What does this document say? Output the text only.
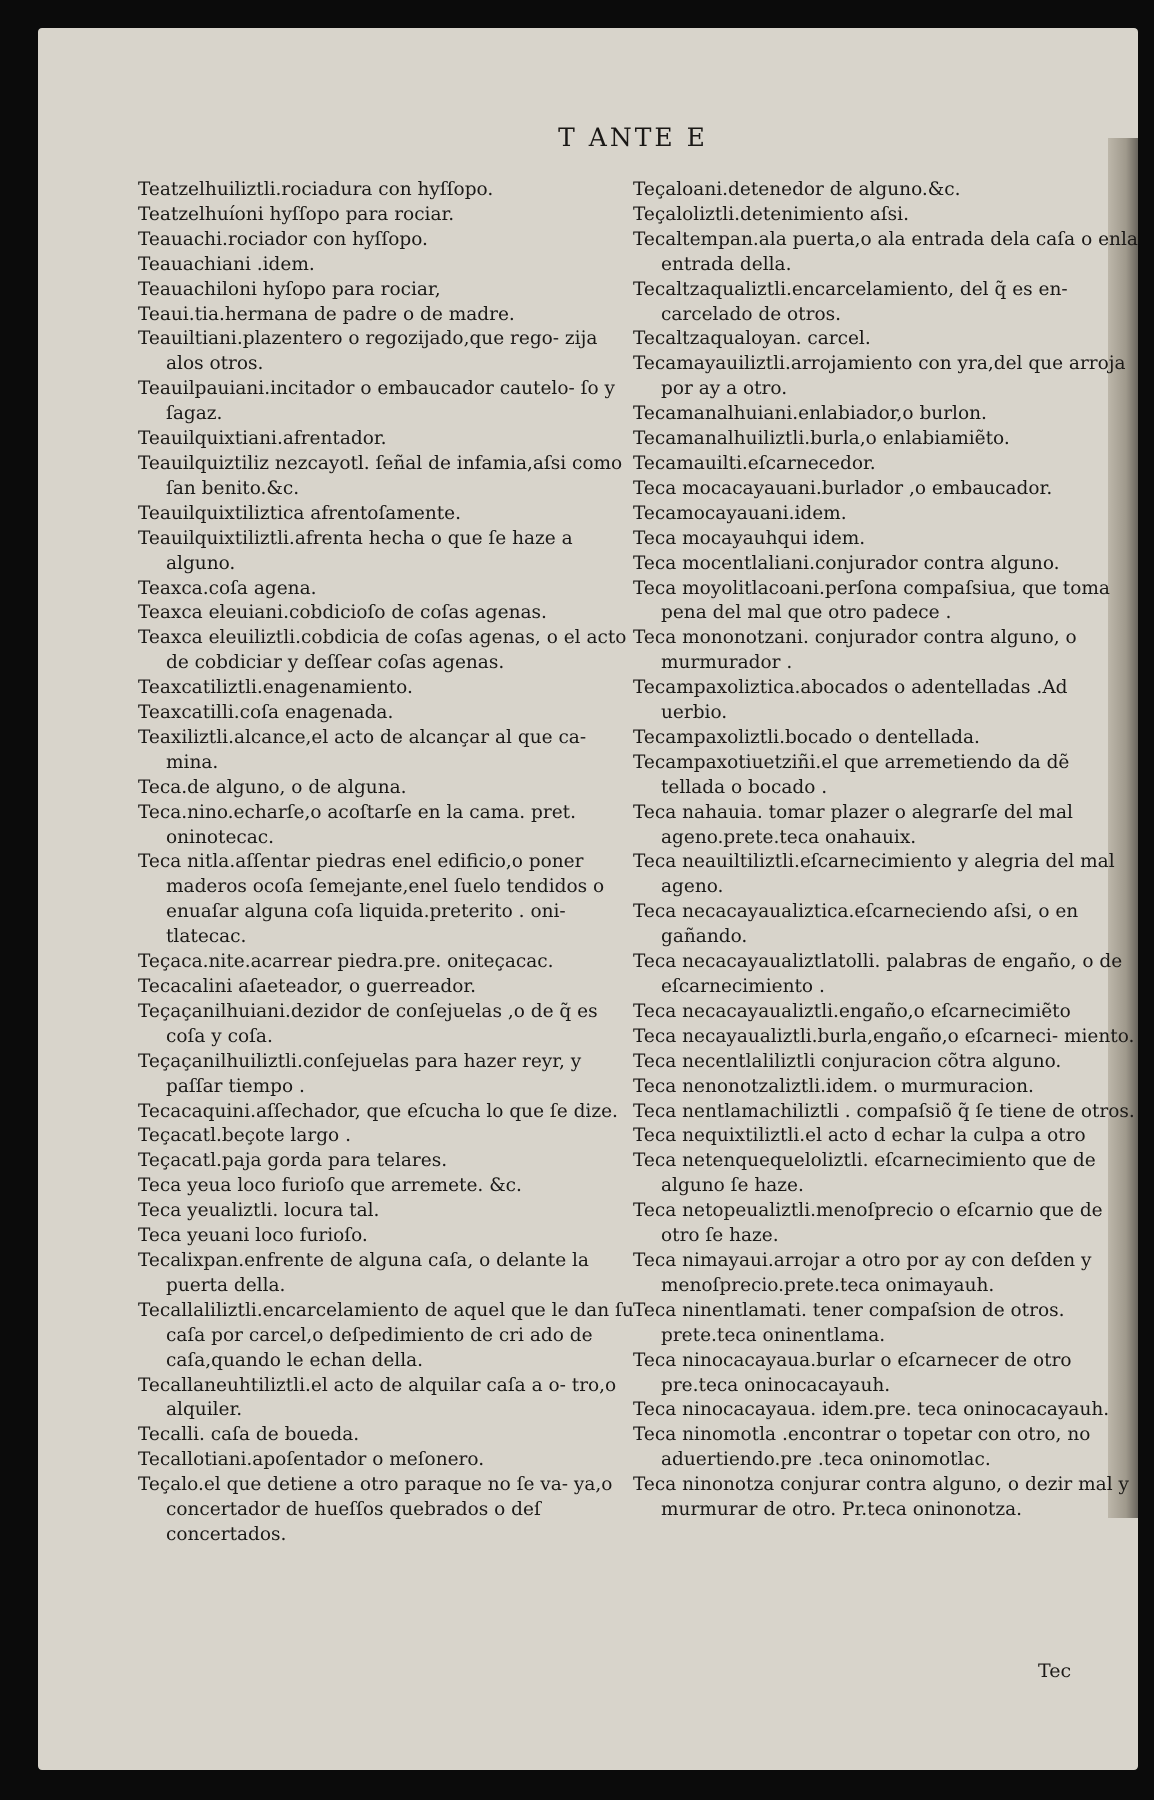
T ANTE E
Teatzelhuiliztli.rociadura con hyſſopo.
Teatzelhuíoni hyſſopo para rociar.
Teauachi.rociador con hyſſopo.
Teauachiani .idem.
Teauachiloni hyſopo para rociar,
Teaui.tia.hermana de padre o de madre.
Teauiltiani.plazentero o regozijado,que rego- zija alos otros.
Teauilpauiani.incitador o embaucador cautelo- ſo y ſagaz.
Teauilquixtiani.afrentador.
Teauilquiztiliz nezcayotl. ſeñal de infamia,aſsi como ſan benito.&c.
Teauilquixtiliztica afrentoſamente.
Teauilquixtiliztli.afrenta hecha o que ſe haze a alguno.
Teaxca.coſa agena.
Teaxca eleuiani.cobdicioſo de coſas agenas.
Teaxca eleuiliztli.cobdicia de coſas agenas, o el acto de cobdiciar y deſſear coſas agenas.
Teaxcatiliztli.enagenamiento.
Teaxcatilli.coſa enagenada.
Teaxiliztli.alcance,el acto de alcançar al que ca- mina.
Teca.de alguno, o de alguna.
Teca.nino.echarſe,o acoſtarſe en la cama. pret. oninotecac.
Teca nitla.aſſentar piedras enel edificio,o poner maderos ocoſa ſemejante,enel ſuelo tendidos o enuaſar alguna coſa liquida.preterito . oni- tlatecac.
Teçaca.nite.acarrear piedra.pre. oniteçacac.
Tecacalini aſaeteador, o guerreador.
Teçaçanilhuiani.dezidor de conſejuelas ,o de q̃ es coſa y coſa.
Teçaçanilhuiliztli.conſejuelas para hazer reyr, y paſſar tiempo .
Tecacaquini.aſſechador, que eſcucha lo que ſe dize.
Teçacatl.beçote largo .
Teçacatl.paja gorda para telares.
Teca yeua loco furioſo que arremete. &c.
Teca yeualiztli. locura tal.
Teca yeuani loco furioſo.
Tecalixpan.enfrente de alguna caſa, o delante la puerta della.
Tecallaliliztli.encarcelamiento de aquel que le dan ſu caſa por carcel,o deſpedimiento de cri ado de caſa,quando le echan della.
Tecallaneuhtiliztli.el acto de alquilar caſa a o- tro,o alquiler.
Tecalli. caſa de boueda.
Tecallotiani.apoſentador o meſonero.
Teçalo.el que detiene a otro paraque no ſe va- ya,o concertador de hueſſos quebrados o deſ concertados.
Teçaloani.detenedor de alguno.&c.
Teçaloliztli.detenimiento aſsi.
Tecaltempan.ala puerta,o ala entrada dela caſa o enla entrada della.
Tecaltzaqualiztli.encarcelamiento, del q̃ es en- carcelado de otros.
Tecaltzaqualoyan. carcel.
Tecamayauiliztli.arrojamiento con yra,del que arroja por ay a otro.
Tecamanalhuiani.enlabiador,o burlon.
Tecamanalhuiliztli.burla,o enlabiamiẽto.
Tecamauilti.eſcarnecedor.
Teca mocacayauani.burlador ,o embaucador.
Tecamocayauani.idem.
Teca mocayauhqui idem.
Teca mocentlaliani.conjurador contra alguno.
Teca moyolitlacoani.perſona compaſsiua, que toma pena del mal que otro padece .
Teca mononotzani. conjurador contra alguno, o murmurador .
Tecampaxoliztica.abocados o adentelladas .Ad uerbio.
Tecampaxoliztli.bocado o dentellada.
Tecampaxotiuetziñi.el que arremetiendo da dẽ tellada o bocado .
Teca nahauia. tomar plazer o alegrarſe del mal ageno.prete.teca onahauix.
Teca neauiltiliztli.eſcarnecimiento y alegria del mal ageno.
Teca necacayaualiztica.eſcarneciendo aſsi, o en gañando.
Teca necacayaualiztlatolli. palabras de engaño, o de eſcarnecimiento .
Teca necacayaualiztli.engaño,o eſcarnecimiẽto
Teca necayaualiztli.burla,engaño,o eſcarneci- miento.
Teca necentlaliliztli conjuracion cõtra alguno.
Teca nenonotzaliztli.idem. o murmuracion.
Teca nentlamachiliztli . compaſsiõ q̃ ſe tiene de otros.
Teca nequixtiliztli.el acto d echar la culpa a otro
Teca netenquequeloliztli. eſcarnecimiento que de alguno ſe haze.
Teca netopeualiztli.menoſprecio o eſcarnio que de otro ſe haze.
Teca nimayaui.arrojar a otro por ay con deſden y menoſprecio.prete.teca onimayauh.
Teca ninentlamati. tener compaſsion de otros. prete.teca oninentlama.
Teca ninocacayaua.burlar o eſcarnecer de otro pre.teca oninocacayauh.
Teca ninocacayaua. idem.pre. teca oninocacayauh.
Teca ninomotla .encontrar o topetar con otro, no aduertiendo.pre .teca oninomotlac.
Teca ninonotza conjurar contra alguno, o dezir mal y murmurar de otro. Pr.teca oninonotza.
Tec
